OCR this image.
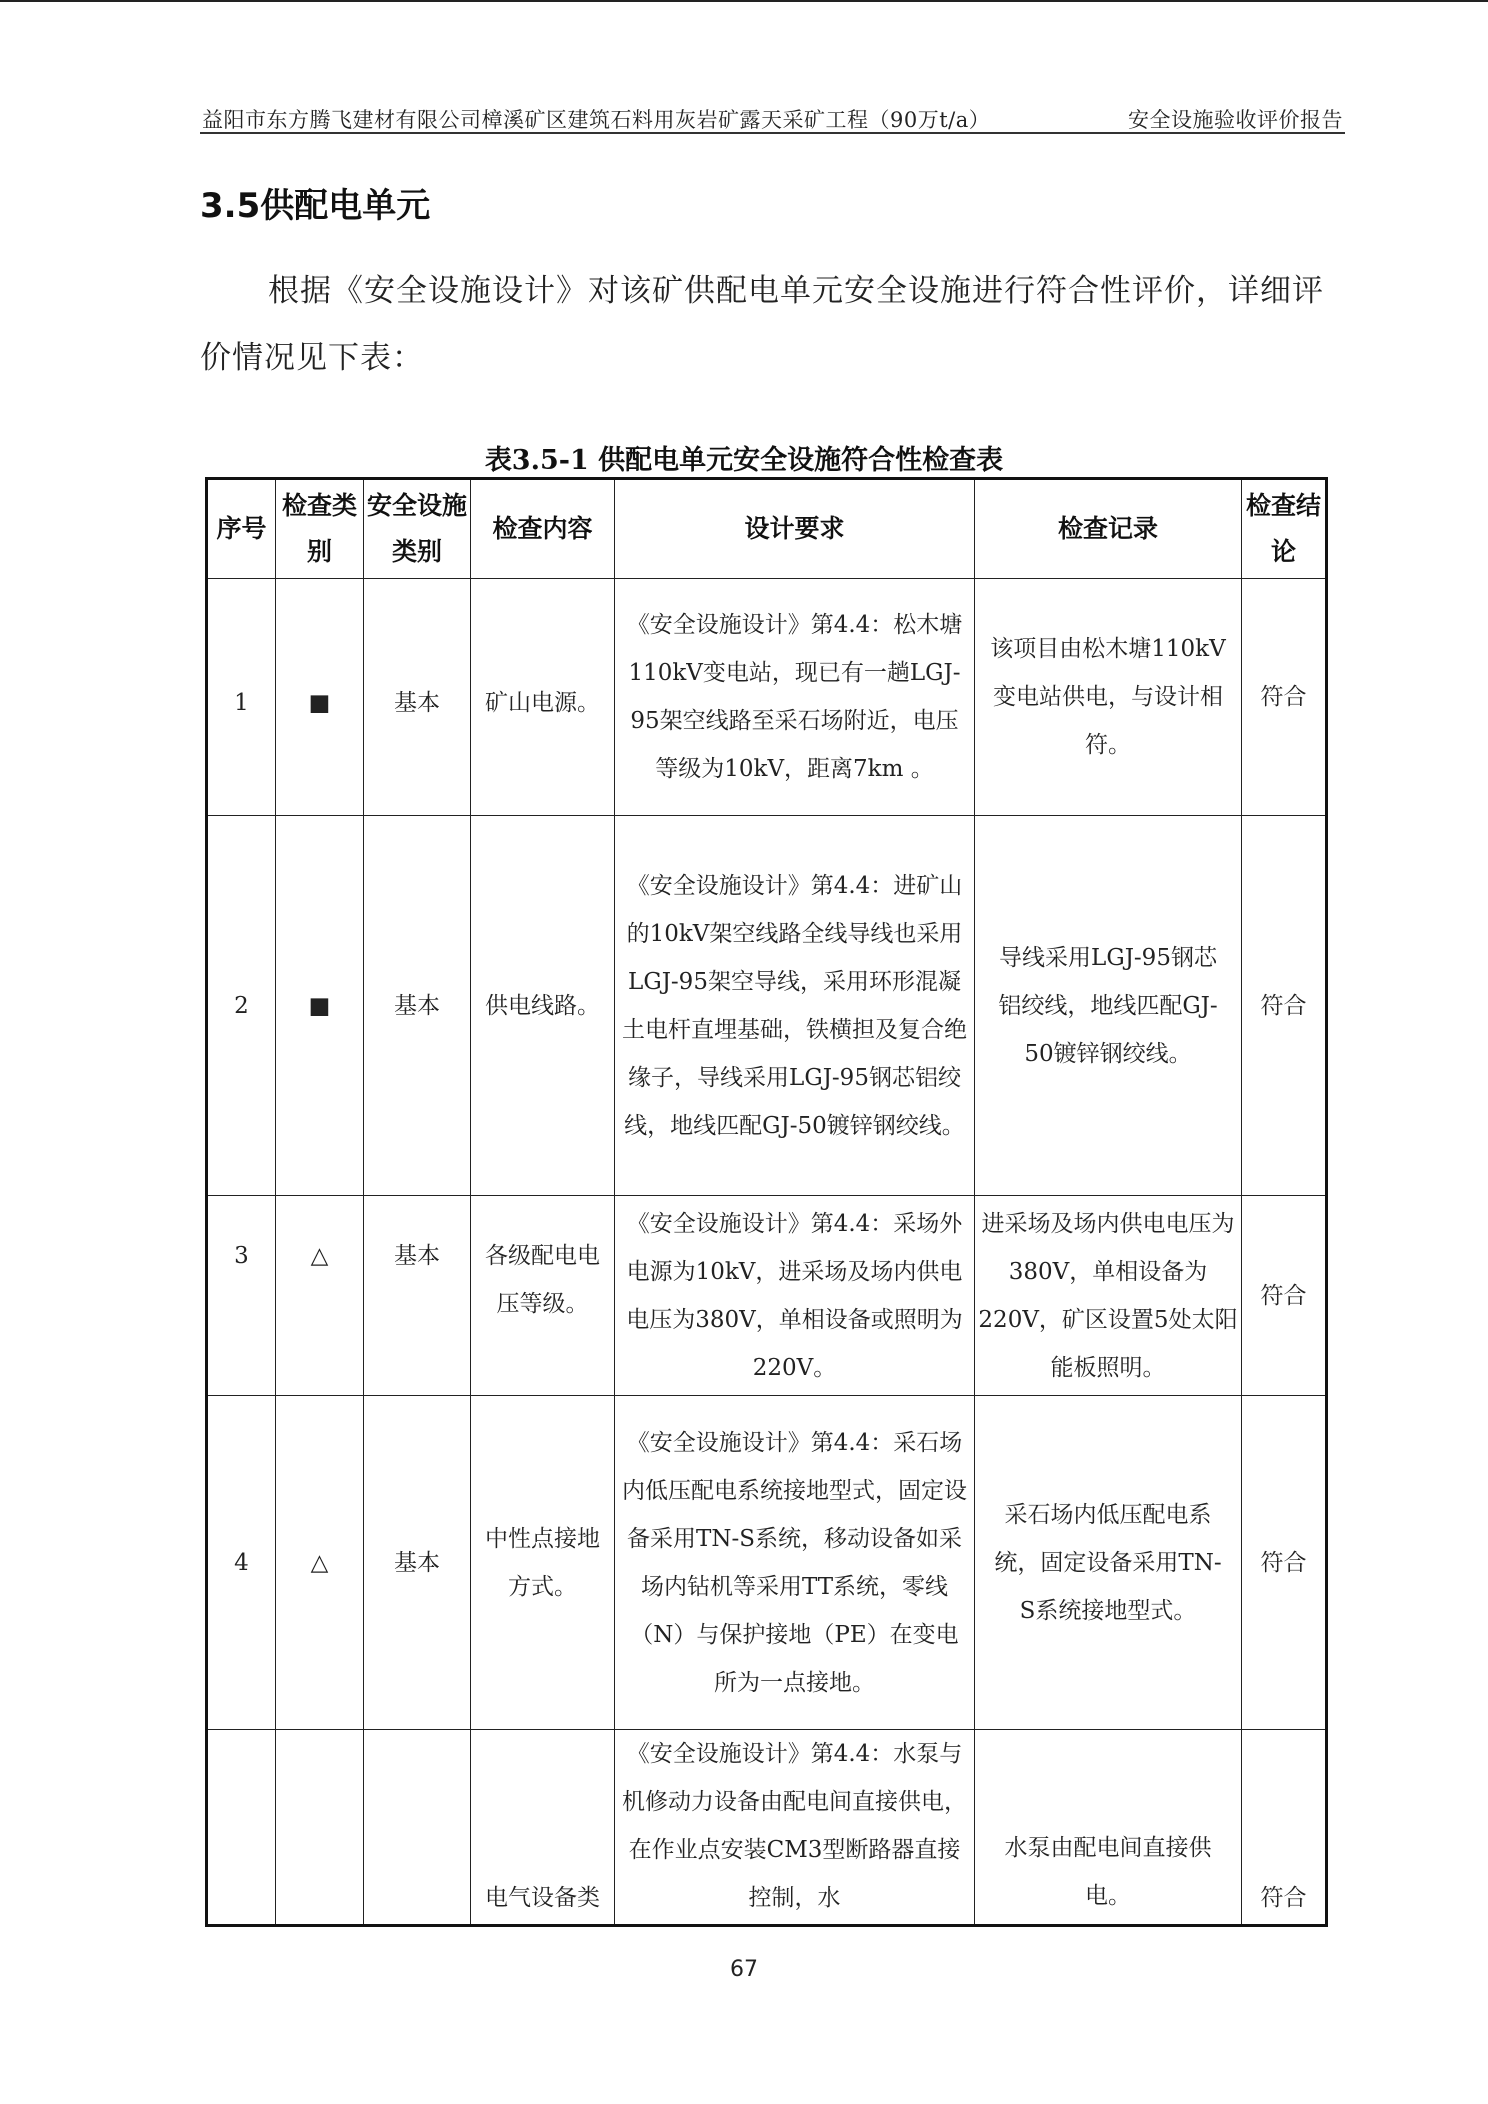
益阳市东方腾飞建材有限公司樟溪矿区建筑石料用灰岩矿露天采矿工程（90万t/a）	安全设施验收评价报告
3.5供配电单元
根据《安全设施设计》对该矿供配电单元安全设施进行符合性评价，详细评价情况见下表：
表3.5-1 供配电单元安全设施符合性检查表
序号	检查类别	安全设施类别	检查内容	设计要求	检查记录	检查结论
1	■	基本	矿山电源。	《安全设施设计》第4.4：松木塘110kV变电站，现已有一趟LGJ-95架空线路至采石场附近，电压等级为10kV，距离7km 。	该项目由松木塘110kV变电站供电，与设计相符。	符合
2	■	基本	供电线路。	《安全设施设计》第4.4：进矿山的10kV架空线路全线导线也采用LGJ-95架空导线，采用环形混凝土电杆直埋基础，铁横担及复合绝缘子，导线采用LGJ-95钢芯铝绞线，地线匹配GJ-50镀锌钢绞线。	导线采用LGJ-95钢芯铝绞线，地线匹配GJ-50镀锌钢绞线。	符合
3	△	基本	各级配电电压等级。	《安全设施设计》第4.4：采场外电源为10kV，进采场及场内供电电压为380V，单相设备或照明为220V。	进采场及场内供电电压为380V，单相设备为220V，矿区设置5处太阳能板照明。	符合
4	△	基本	中性点接地方式。	《安全设施设计》第4.4：采石场内低压配电系统接地型式，固定设备采用TN-S系统，移动设备如采场内钻机等采用TT系统，零线（N）与保护接地（PE）在变电所为一点接地。	采石场内低压配电系统，固定设备采用TN-S系统接地型式。	符合
			电气设备类	《安全设施设计》第4.4：水泵与机修动力设备由配电间直接供电，在作业点安装CM3型断路器直接控制，水	水泵由配电间直接供电。	符合
67
